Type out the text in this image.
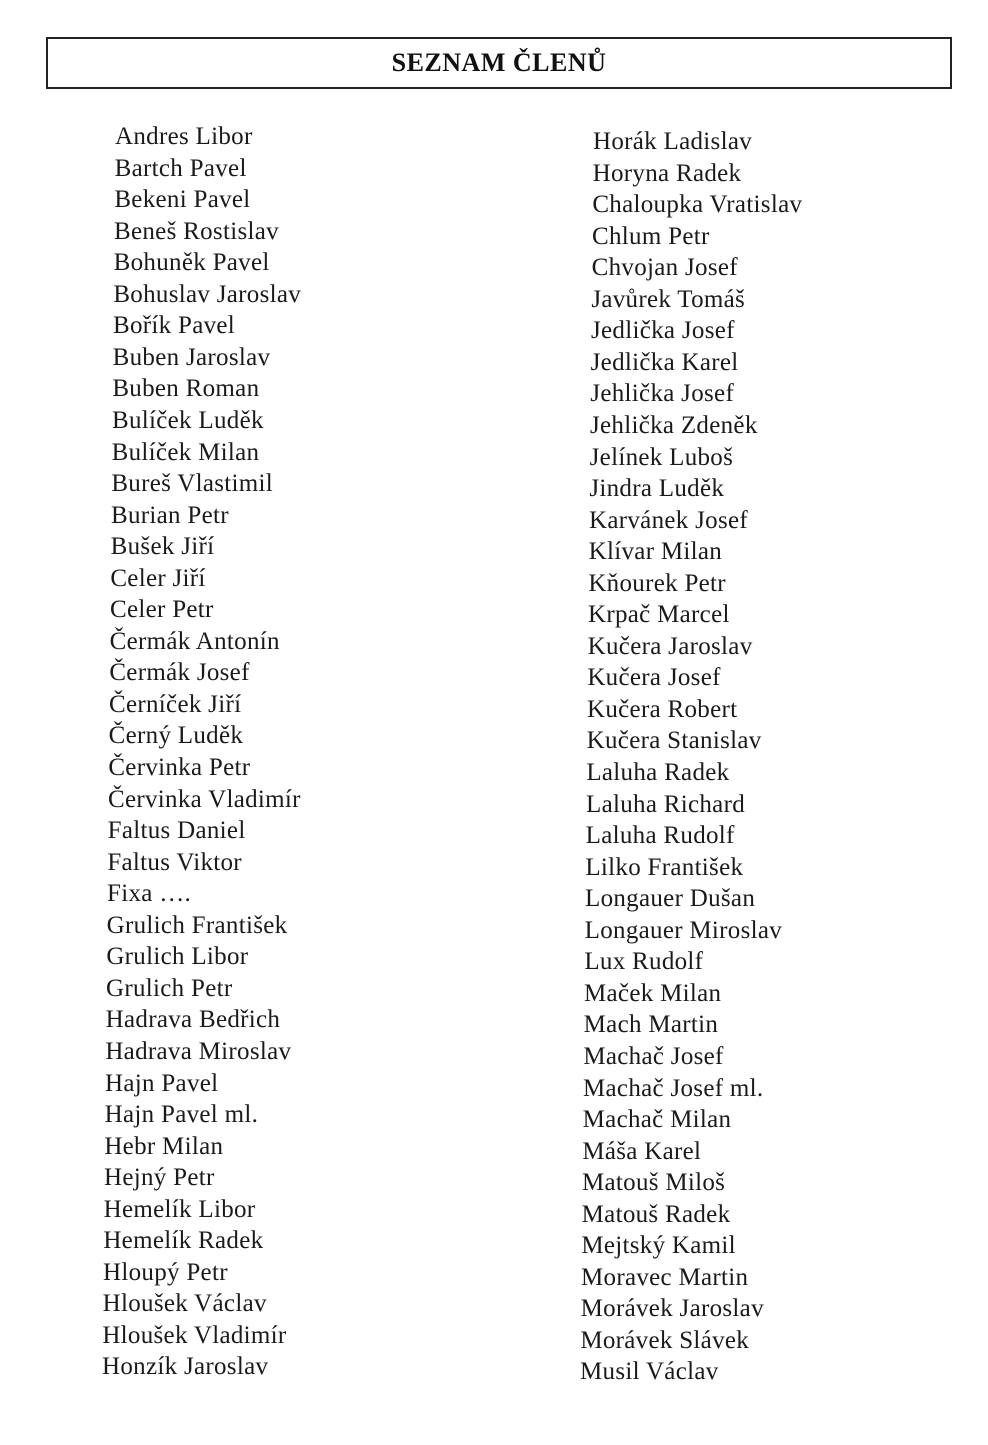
SEZNAM ČLENŮ
Andres Libor
Bartch Pavel
Bekeni Pavel
Beneš Rostislav
Bohuněk Pavel
Bohuslav Jaroslav
Bořík Pavel
Buben Jaroslav
Buben Roman
Bulíček Luděk
Bulíček Milan
Bureš Vlastimil
Burian Petr
Bušek Jiří
Celer Jiří
Celer Petr
Čermák Antonín
Čermák Josef
Černíček Jiří
Černý Luděk
Červinka Petr
Červinka Vladimír
Faltus Daniel
Faltus Viktor
Fixa ….
Grulich František
Grulich Libor
Grulich Petr
Hadrava Bedřich
Hadrava Miroslav
Hajn Pavel
Hajn Pavel ml.
Hebr Milan
Hejný Petr
Hemelík Libor
Hemelík Radek
Hloupý Petr
Hloušek Václav
Hloušek Vladimír
Honzík Jaroslav
Horák Ladislav
Horyna Radek
Chaloupka Vratislav
Chlum Petr
Chvojan Josef
Javůrek Tomáš
Jedlička Josef
Jedlička Karel
Jehlička Josef
Jehlička Zdeněk
Jelínek Luboš
Jindra Luděk
Karvánek Josef
Klívar Milan
Kňourek Petr
Krpač Marcel
Kučera Jaroslav
Kučera Josef
Kučera Robert
Kučera Stanislav
Laluha Radek
Laluha Richard
Laluha Rudolf
Lilko František
Longauer Dušan
Longauer Miroslav
Lux Rudolf
Maček Milan
Mach Martin
Machač Josef
Machač Josef ml.
Machač Milan
Máša Karel
Matouš Miloš
Matouš Radek
Mejtský Kamil
Moravec Martin
Morávek Jaroslav
Morávek Slávek
Musil Václav
